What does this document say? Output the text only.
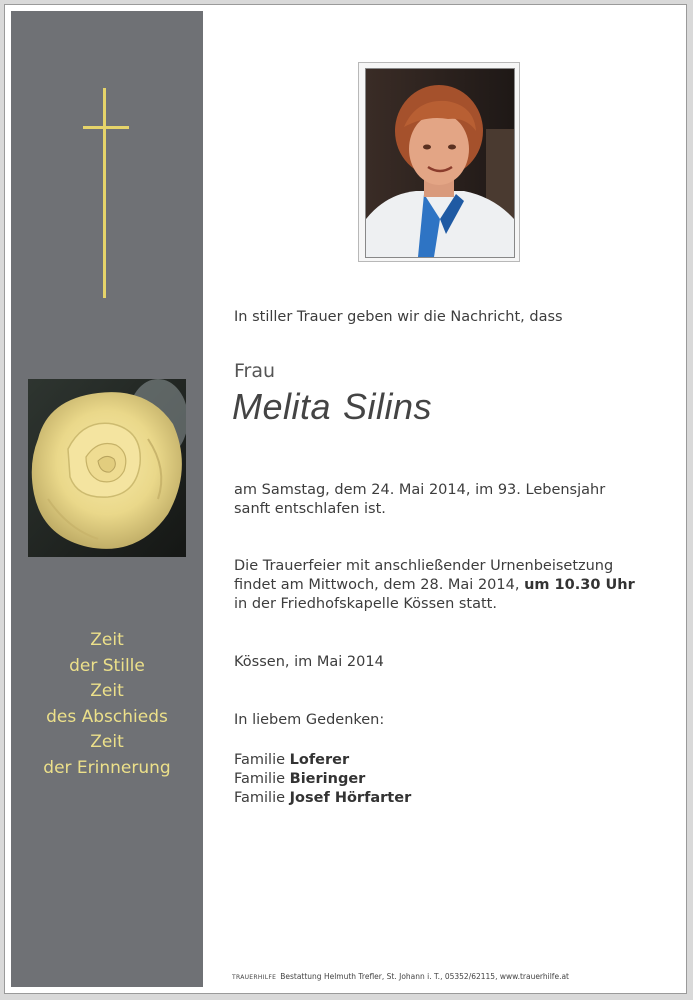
Zeit
der Stille
Zeit
des Abschieds
Zeit
der Erinnerung
In stiller Trauer geben wir die Nachricht, dass
Frau
Melita Silins
am Samstag, dem 24. Mai 2014, im 93. Lebensjahr
sanft entschlafen ist.
Die Trauerfeier mit anschließender Urnenbeisetzung
findet am Mittwoch, dem 28. Mai 2014, um 10.30 Uhr
in der Friedhofskapelle Kössen statt.
Kössen, im Mai 2014
In liebem Gedenken:
Familie Loferer
Familie Bieringer
Familie Josef Hörfarter
TRAUERHILFE Bestattung Helmuth Trefler, St. Johann i. T., 05352/62115, www.trauerhilfe.at
